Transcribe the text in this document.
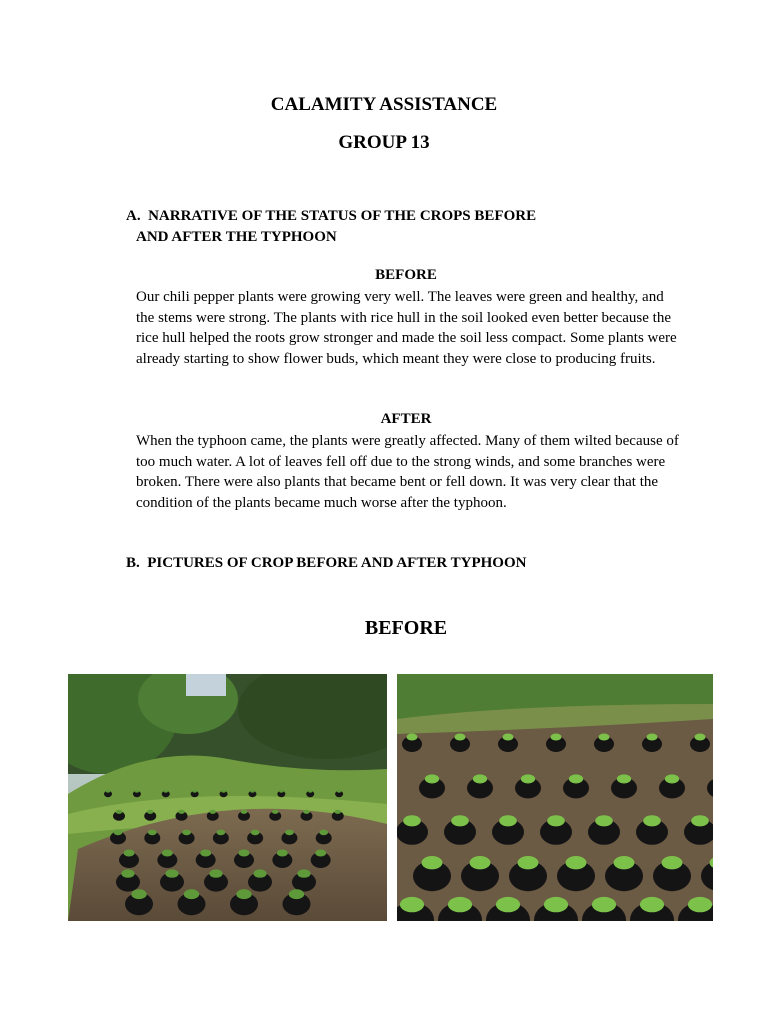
CALAMITY ASSISTANCE
GROUP 13
A. NARRATIVE OF THE STATUS OF THE CROPS BEFORE
AND AFTER THE TYPHOON
BEFORE

Our chili pepper plants were growing very well. The leaves were green and healthy, and the stems were strong. The plants with rice hull in the soil looked even better because the rice hull helped the roots grow stronger and made the soil less compact. Some plants were already starting to show flower buds, which meant they were close to producing fruits.

AFTER

When the typhoon came, the plants were greatly affected. Many of them wilted because of too much water. A lot of leaves fell off due to the strong winds, and some branches were broken. There were also plants that became bent or fell down. It was very clear that the condition of the plants became much worse after the typhoon.

B. PICTURES OF CROP BEFORE AND AFTER TYPHOON
BEFORE
